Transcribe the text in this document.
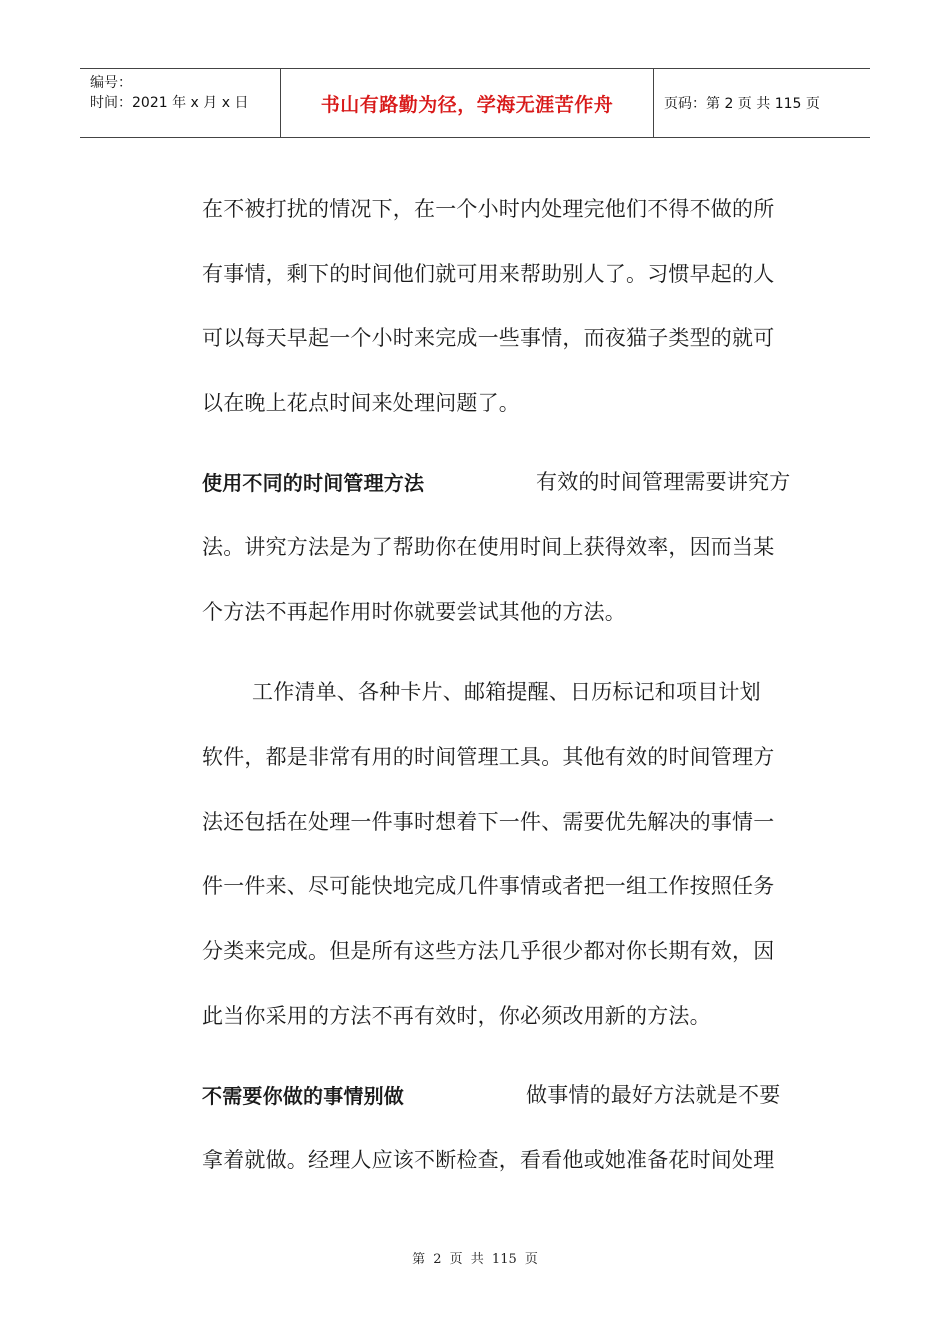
编号：
时间：2021 年 x 月 x 日	书山有路勤为径，学海无涯苦作舟	页码：第 2 页 共 115 页
在不被打扰的情况下，在一个小时内处理完他们不得不做的所
有事情，剩下的时间他们就可用来帮助别人了。习惯早起的人
可以每天早起一个小时来完成一些事情，而夜猫子类型的就可
以在晚上花点时间来处理问题了。
使用不同的时间管理方法	有效的时间管理需要讲究方
法。讲究方法是为了帮助你在使用时间上获得效率，因而当某
个方法不再起作用时你就要尝试其他的方法。
工作清单、各种卡片、邮箱提醒、日历标记和项目计划
软件，都是非常有用的时间管理工具。其他有效的时间管理方
法还包括在处理一件事时想着下一件、需要优先解决的事情一
件一件来、尽可能快地完成几件事情或者把一组工作按照任务
分类来完成。但是所有这些方法几乎很少都对你长期有效，因
此当你采用的方法不再有效时，你必须改用新的方法。
不需要你做的事情别做	做事情的最好方法就是不要
拿着就做。经理人应该不断检查，看看他或她准备花时间处理
第 2 页 共 115 页
